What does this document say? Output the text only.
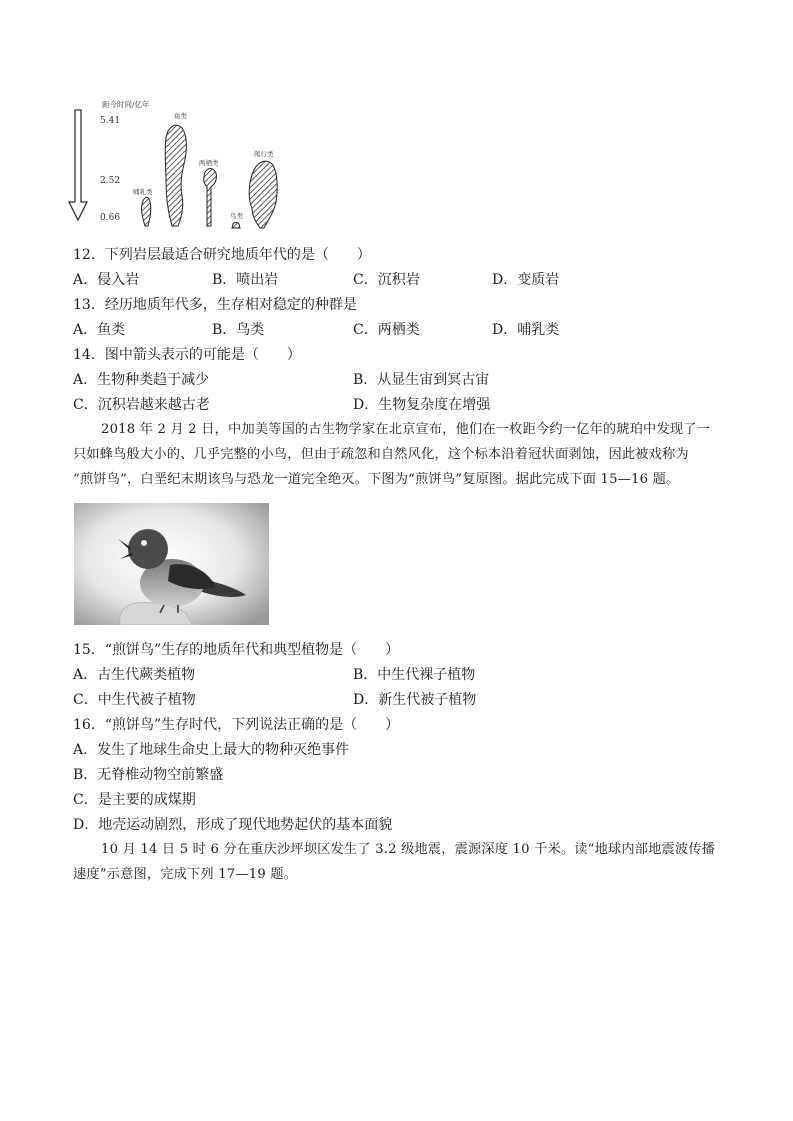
距今时间/亿年
5.41
2.52
0.66
哺乳类
鱼类
两栖类
鸟类
爬行类
12．下列岩层最适合研究地质年代的是（　　）
A．侵入岩	B．喷出岩	C．沉积岩	D．变质岩
13．经历地质年代多，生存相对稳定的种群是
A．鱼类	B．鸟类	C．两栖类	D．哺乳类
14．图中箭头表示的可能是（　　）
A．生物种类趋于减少	B．从显生宙到冥古宙
C．沉积岩越来越古老	D．生物复杂度在增强
2018 年 2 月 2 日，中加美等国的古生物学家在北京宣布，他们在一枚距今约一亿年的琥珀中发现了一
只如蜂鸟般大小的、几乎完整的小鸟，但由于疏忽和自然风化，这个标本沿着冠状面剥蚀，因此被戏称为
“煎饼鸟”，白垩纪末期该鸟与恐龙一道完全绝灭。下图为“煎饼鸟”复原图。据此完成下面 15—16 题。
15．“煎饼鸟”生存的地质年代和典型植物是（　　）
A．古生代蕨类植物	B．中生代裸子植物
C．中生代被子植物	D．新生代被子植物
16．“煎饼鸟”生存时代，下列说法正确的是（　　）
A．发生了地球生命史上最大的物种灭绝事件
B．无脊椎动物空前繁盛
C．是主要的成煤期
D．地壳运动剧烈，形成了现代地势起伏的基本面貌
10 月 14 日 5 时 6 分在重庆沙坪坝区发生了 3.2 级地震，震源深度 10 千米。读“地球内部地震波传播
速度”示意图，完成下列 17—19 题。
